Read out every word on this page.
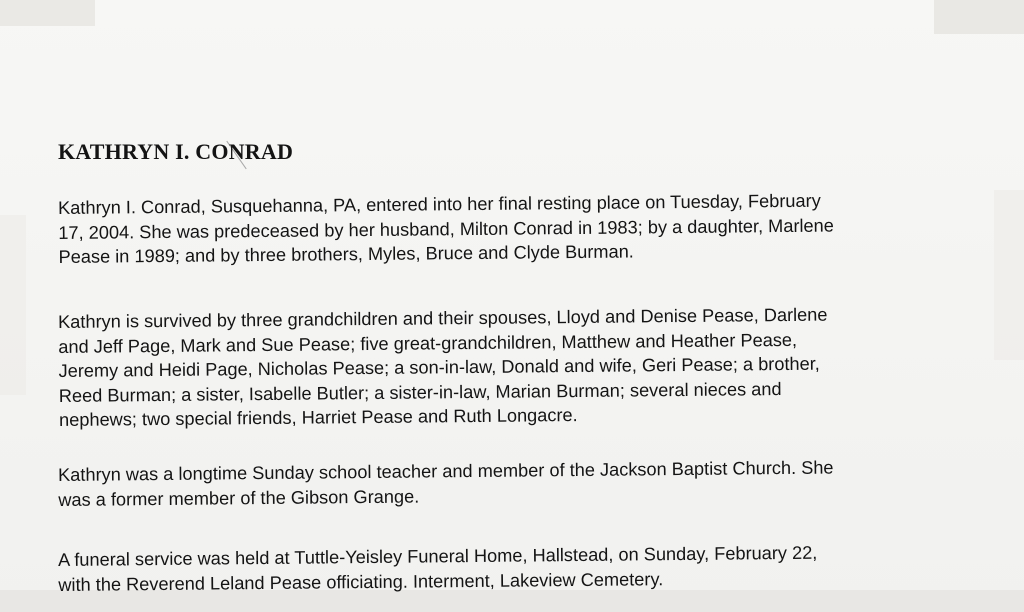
KATHRYN I. CONRAD

Kathryn I. Conrad, Susquehanna, PA, entered into her final resting place on Tuesday, February
17, 2004. She was predeceased by her husband, Milton Conrad in 1983; by a daughter, Marlene
Pease in 1989; and by three brothers, Myles, Bruce and Clyde Burman.

Kathryn is survived by three grandchildren and their spouses, Lloyd and Denise Pease, Darlene
and Jeff Page, Mark and Sue Pease; five great-grandchildren, Matthew and Heather Pease,
Jeremy and Heidi Page, Nicholas Pease; a son-in-law, Donald and wife, Geri Pease; a brother,
Reed Burman; a sister, Isabelle Butler; a sister-in-law, Marian Burman; several nieces and
nephews; two special friends, Harriet Pease and Ruth Longacre.

Kathryn was a longtime Sunday school teacher and member of the Jackson Baptist Church. She
was a former member of the Gibson Grange.

A funeral service was held at Tuttle-Yeisley Funeral Home, Hallstead, on Sunday, February 22,
with the Reverend Leland Pease officiating. Interment, Lakeview Cemetery.
